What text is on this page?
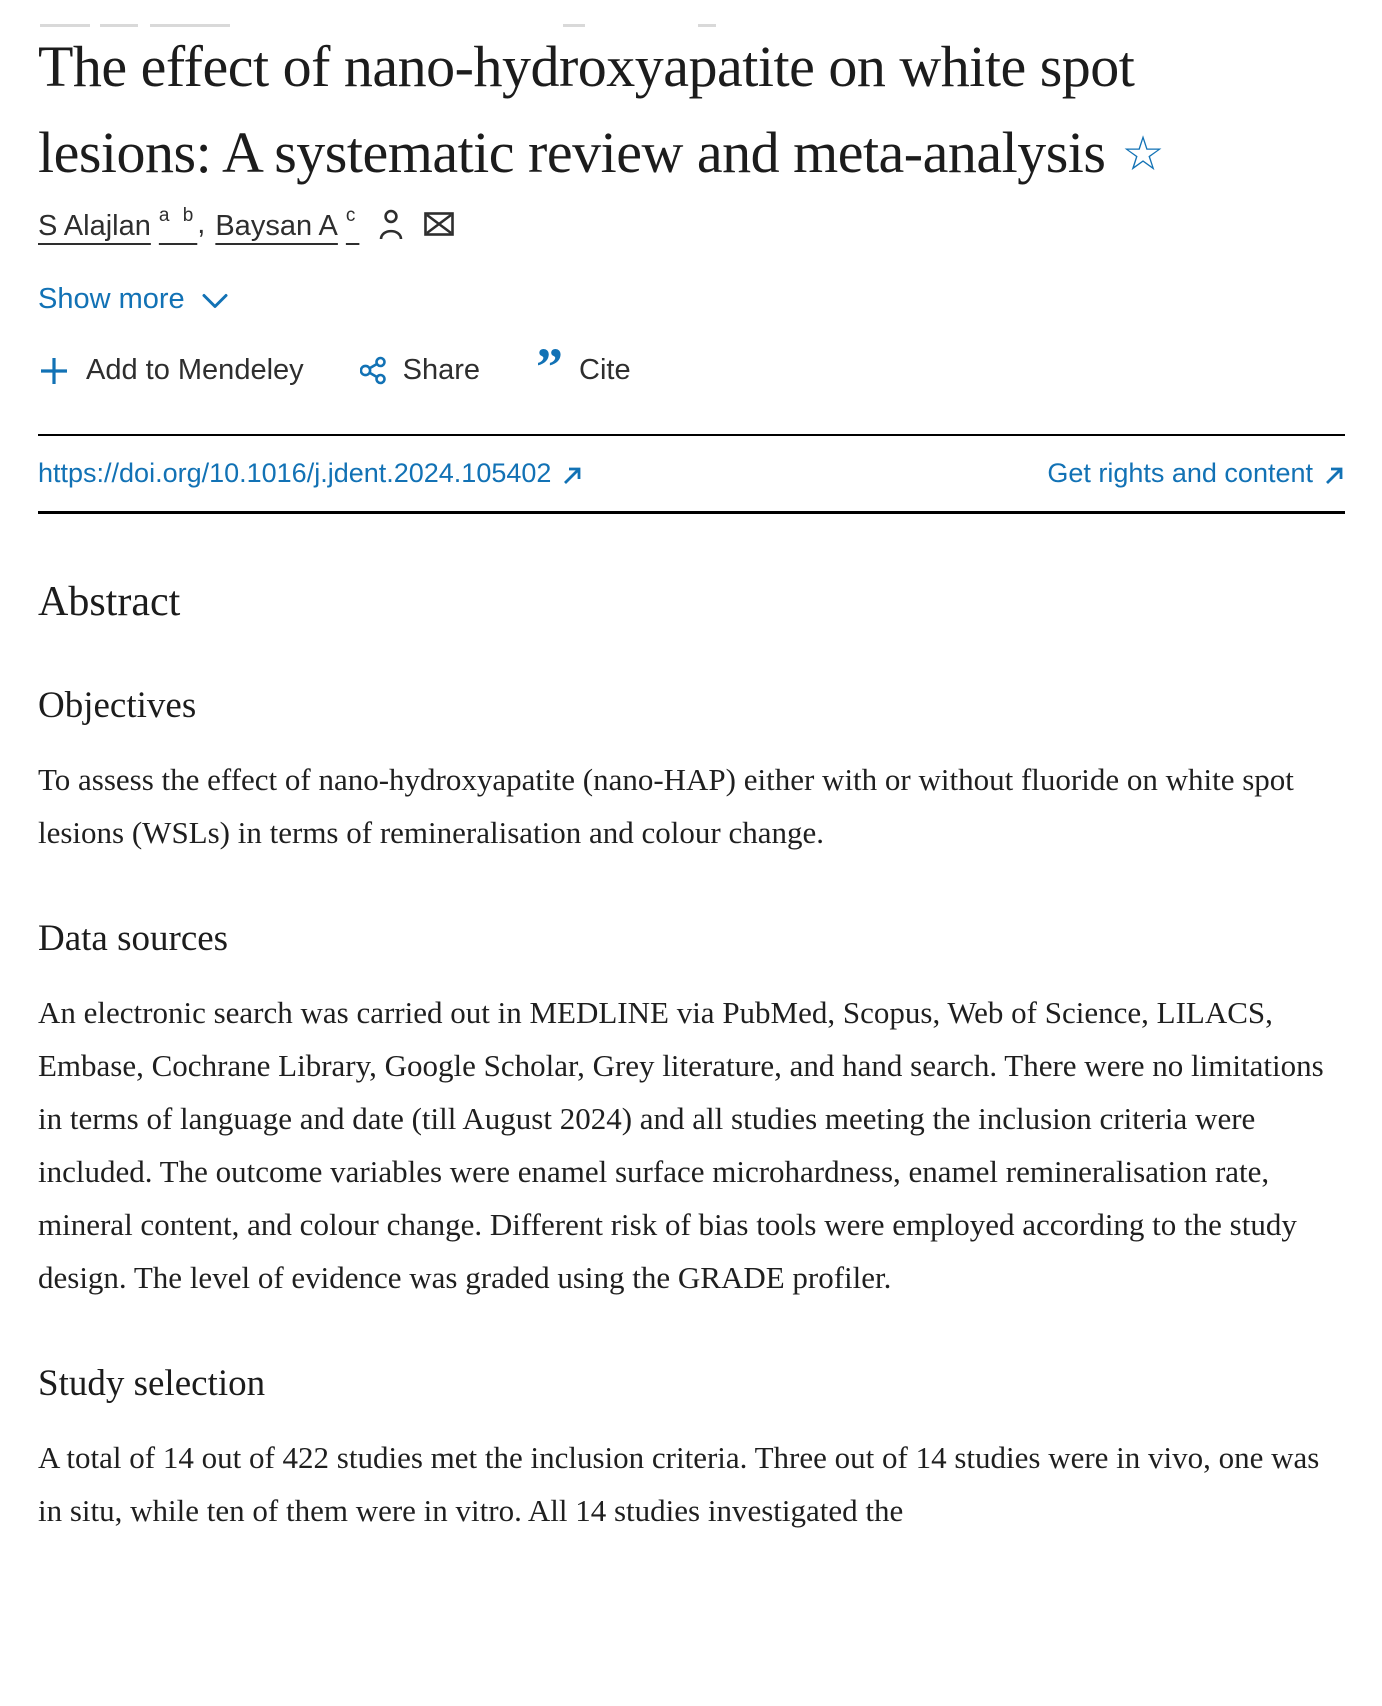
The effect of nano-hydroxyapatite on white spot lesions: A systematic review and meta-analysis ☆
S Alajlan $^{a b}$ , Baysan A $^c$
Show more
Add to Mendeley	Share ” Cite
https://doi.org/10.1016/j.jdent.2024.105402	Get rights and content
Abstract
Objectives

To assess the effect of nano-hydroxyapatite (nano-HAP) either with or without fluoride on white spot lesions (WSLs) in terms of remineralisation and colour change.

Data sources

An electronic search was carried out in MEDLINE via PubMed, Scopus, Web of Science, LILACS, Embase, Cochrane Library, Google Scholar, Grey literature, and hand search. There were no limitations in terms of language and date (till August 2024) and all studies meeting the inclusion criteria were included. The outcome variables were enamel surface microhardness, enamel remineralisation rate, mineral content, and colour change. Different risk of bias tools were employed according to the study design. The level of evidence was graded using the GRADE profiler.

Study selection

A total of 14 out of 422 studies met the inclusion criteria. Three out of 14 studies were in vivo, one was in situ, while ten of them were in vitro. All 14 studies investigated the
